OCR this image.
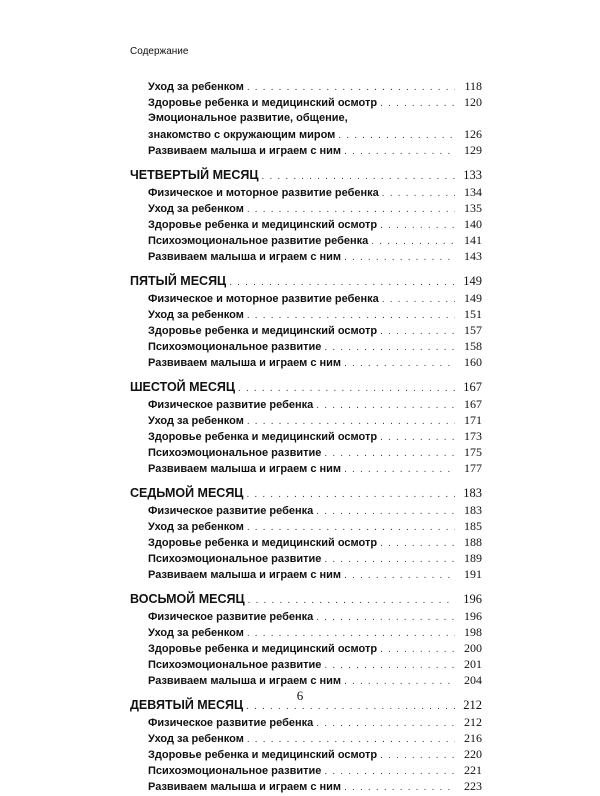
Содержание
Уход за ребенком . . .	118
Здоровье ребенка и медицинский осмотр . . .	120
Эмоциональное развитие, общение,
знакомство с окружающим миром . . .	126
Развиваем малыша и играем с ним . . .	129
ЧЕТВЕРТЫЙ МЕСЯЦ . . .	133
Физическое и моторное развитие ребенка . . .	134
Уход за ребенком . . .	135
Здоровье ребенка и медицинский осмотр . . .	140
Психоэмоциональное развитие ребенка . . .	141
Развиваем малыша и играем с ним . . .	143
ПЯТЫЙ МЕСЯЦ . . .	149
Физическое и моторное развитие ребенка . . .	149
Уход за ребенком . . .	151
Здоровье ребенка и медицинский осмотр . . .	157
Психоэмоциональное развитие . . .	158
Развиваем малыша и играем с ним . . .	160
ШЕСТОЙ МЕСЯЦ . . .	167
Физическое развитие ребенка . . .	167
Уход за ребенком . . .	171
Здоровье ребенка и медицинский осмотр . . .	173
Психоэмоциональное развитие . . .	175
Развиваем малыша и играем с ним . . .	177
СЕДЬМОЙ МЕСЯЦ . . .	183
Физическое развитие ребенка . . .	183
Уход за ребенком . . .	185
Здоровье ребенка и медицинский осмотр . . .	188
Психоэмоциональное развитие . . .	189
Развиваем малыша и играем с ним . . .	191
ВОСЬМОЙ МЕСЯЦ . . .	196
Физическое развитие ребенка . . .	196
Уход за ребенком . . .	198
Здоровье ребенка и медицинский осмотр . . .	200
Психоэмоциональное развитие . . .	201
Развиваем малыша и играем с ним . . .	204
ДЕВЯТЫЙ МЕСЯЦ . . .	212
Физическое развитие ребенка . . .	212
Уход за ребенком . . .	216
Здоровье ребенка и медицинский осмотр . . .	220
Психоэмоциональное развитие . . .	221
Развиваем малыша и играем с ним . . .	223
6
